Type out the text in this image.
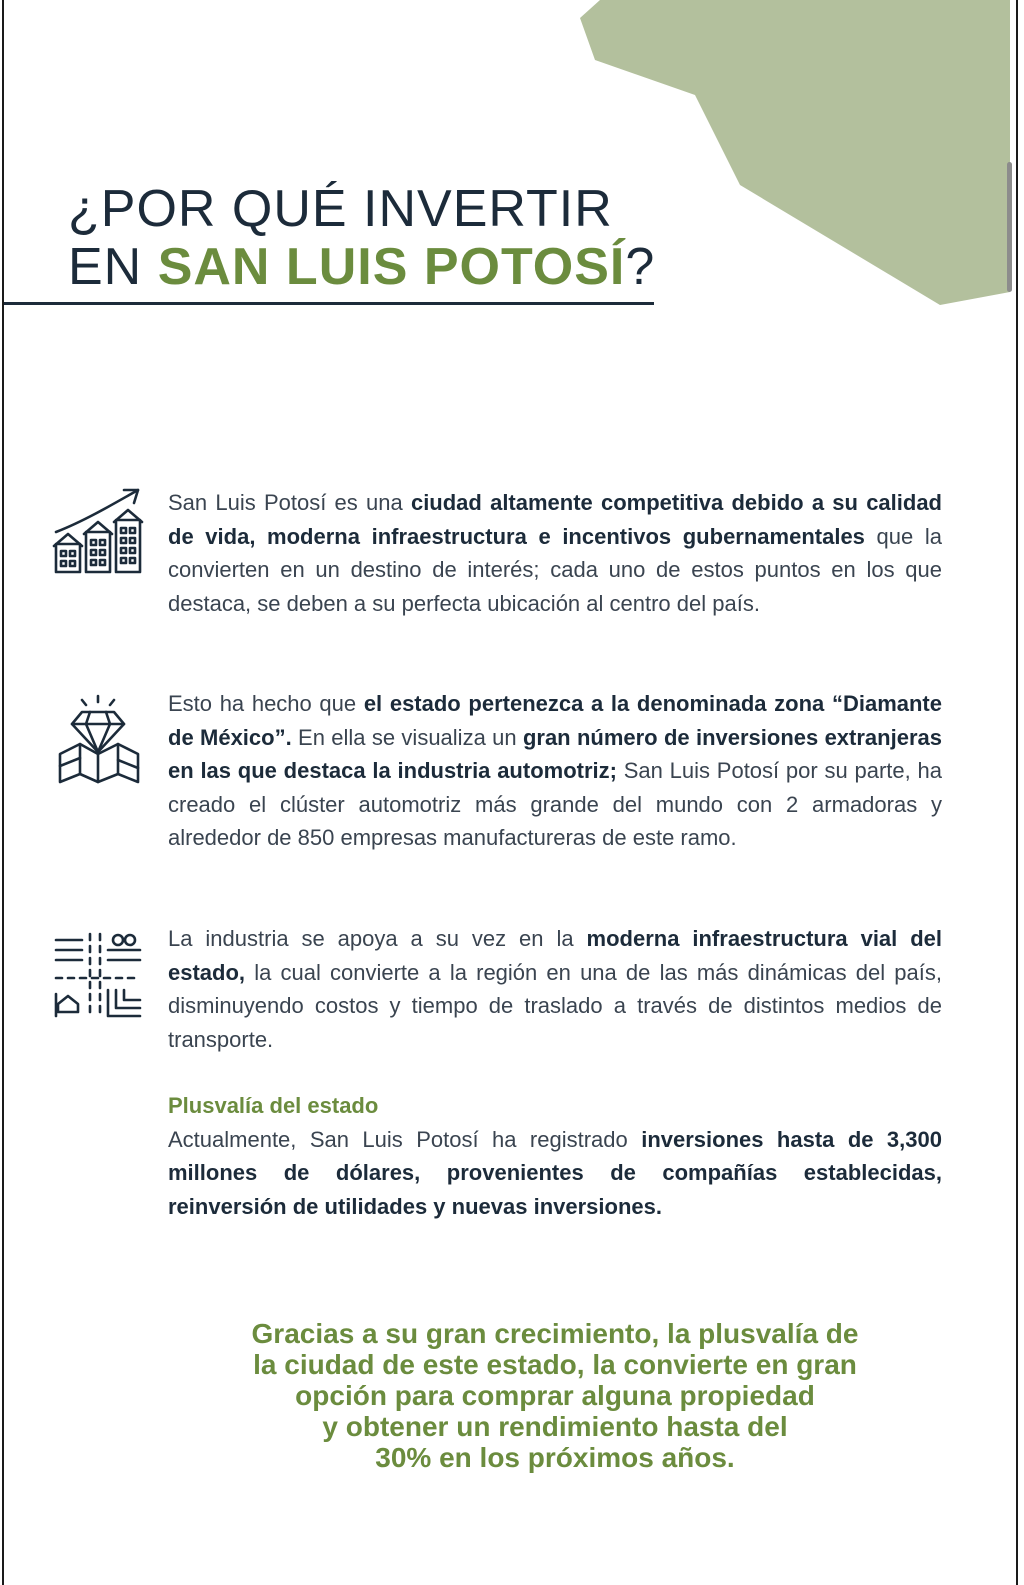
¿POR QUÉ INVERTIR
EN SAN LUIS POTOSÍ?

San Luis Potosí es una ciudad altamente competitiva debido a su calidad de vida, moderna infraestructura e incentivos gubernamentales que la convierten en un destino de interés; cada uno de estos puntos en los que destaca, se deben a su perfecta ubicación al centro del país.

Esto ha hecho que el estado pertenezca a la denominada zona “Diamante de México”. En ella se visualiza un gran número de inversiones extranjeras en las que destaca la industria automotriz; San Luis Potosí por su parte, ha creado el clúster automotriz más grande del mundo con 2 armadoras y alrededor de 850 empresas manufactureras de este ramo.

La industria se apoya a su vez en la moderna infraestructura vial del estado, la cual convierte a la región en una de las más dinámicas del país, disminuyendo costos y tiempo de traslado a través de distintos medios de transporte.

Plusvalía del estado
Actualmente, San Luis Potosí ha registrado inversiones hasta de 3,300 millones de dólares, provenientes de compañías establecidas, reinversión de utilidades y nuevas inversiones.

Gracias a su gran crecimiento, la plusvalía de
la ciudad de este estado, la convierte en gran
opción para comprar alguna propiedad
y obtener un rendimiento hasta del
30% en los próximos años.
